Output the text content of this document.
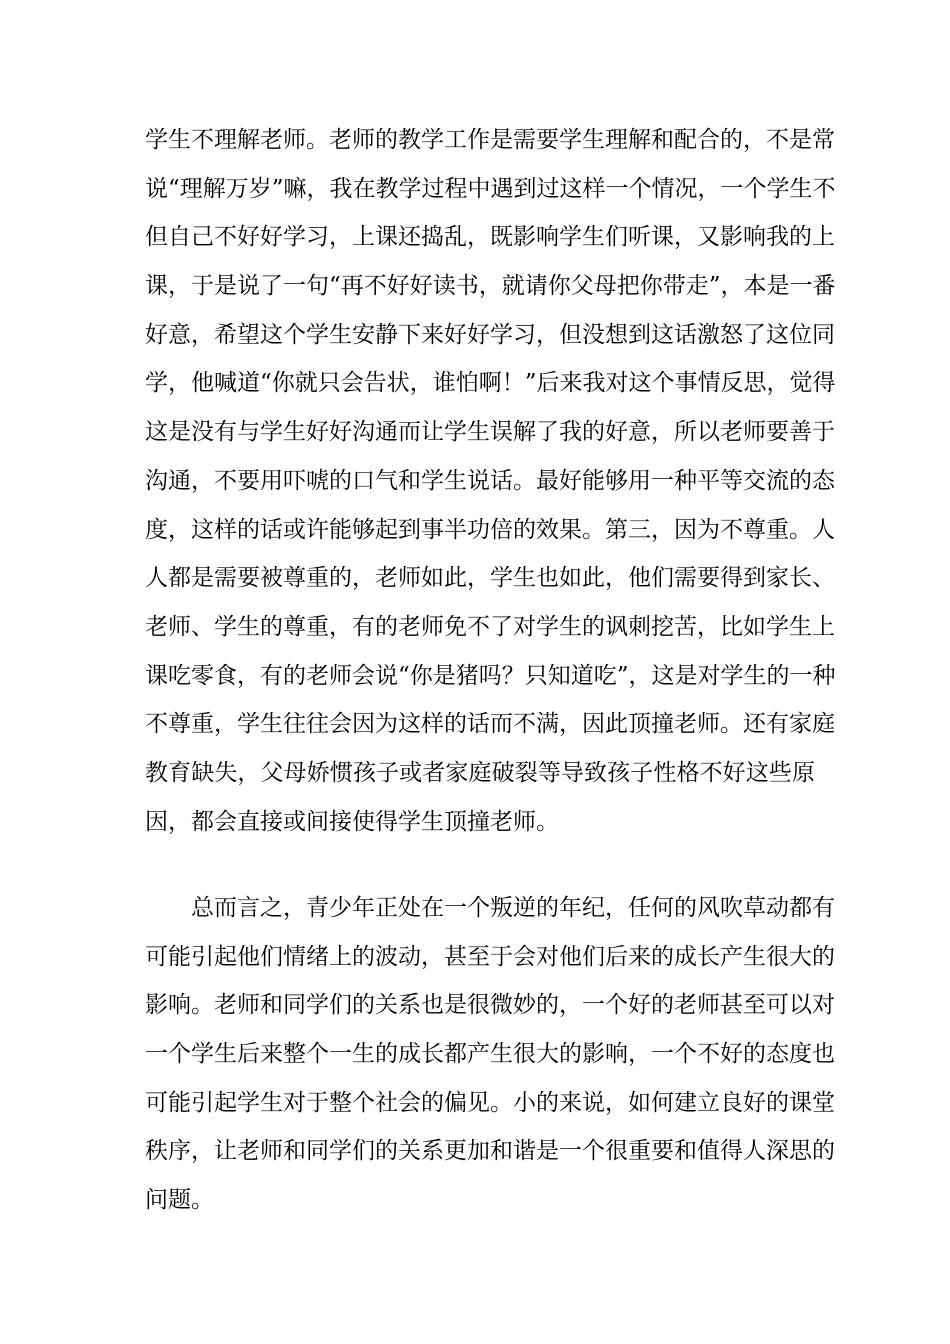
学生不理解老师。老师的教学工作是需要学生理解和配合的，不是常
说“理解万岁”嘛，我在教学过程中遇到过这样一个情况，一个学生不
但自己不好好学习，上课还捣乱，既影响学生们听课，又影响我的上
课，于是说了一句“再不好好读书，就请你父母把你带走”，本是一番
好意，希望这个学生安静下来好好学习，但没想到这话激怒了这位同
学，他喊道“你就只会告状，谁怕啊！”后来我对这个事情反思，觉得
这是没有与学生好好沟通而让学生误解了我的好意，所以老师要善于
沟通，不要用吓唬的口气和学生说话。最好能够用一种平等交流的态
度，这样的话或许能够起到事半功倍的效果。第三，因为不尊重。人
人都是需要被尊重的，老师如此，学生也如此，他们需要得到家长、
老师、学生的尊重，有的老师免不了对学生的讽刺挖苦，比如学生上
课吃零食，有的老师会说“你是猪吗？只知道吃”，这是对学生的一种
不尊重，学生往往会因为这样的话而不满，因此顶撞老师。还有家庭
教育缺失，父母娇惯孩子或者家庭破裂等导致孩子性格不好这些原
因，都会直接或间接使得学生顶撞老师。
总而言之，青少年正处在一个叛逆的年纪，任何的风吹草动都有
可能引起他们情绪上的波动，甚至于会对他们后来的成长产生很大的
影响。老师和同学们的关系也是很微妙的，一个好的老师甚至可以对
一个学生后来整个一生的成长都产生很大的影响，一个不好的态度也
可能引起学生对于整个社会的偏见。小的来说，如何建立良好的课堂
秩序，让老师和同学们的关系更加和谐是一个很重要和值得人深思的
问题。
